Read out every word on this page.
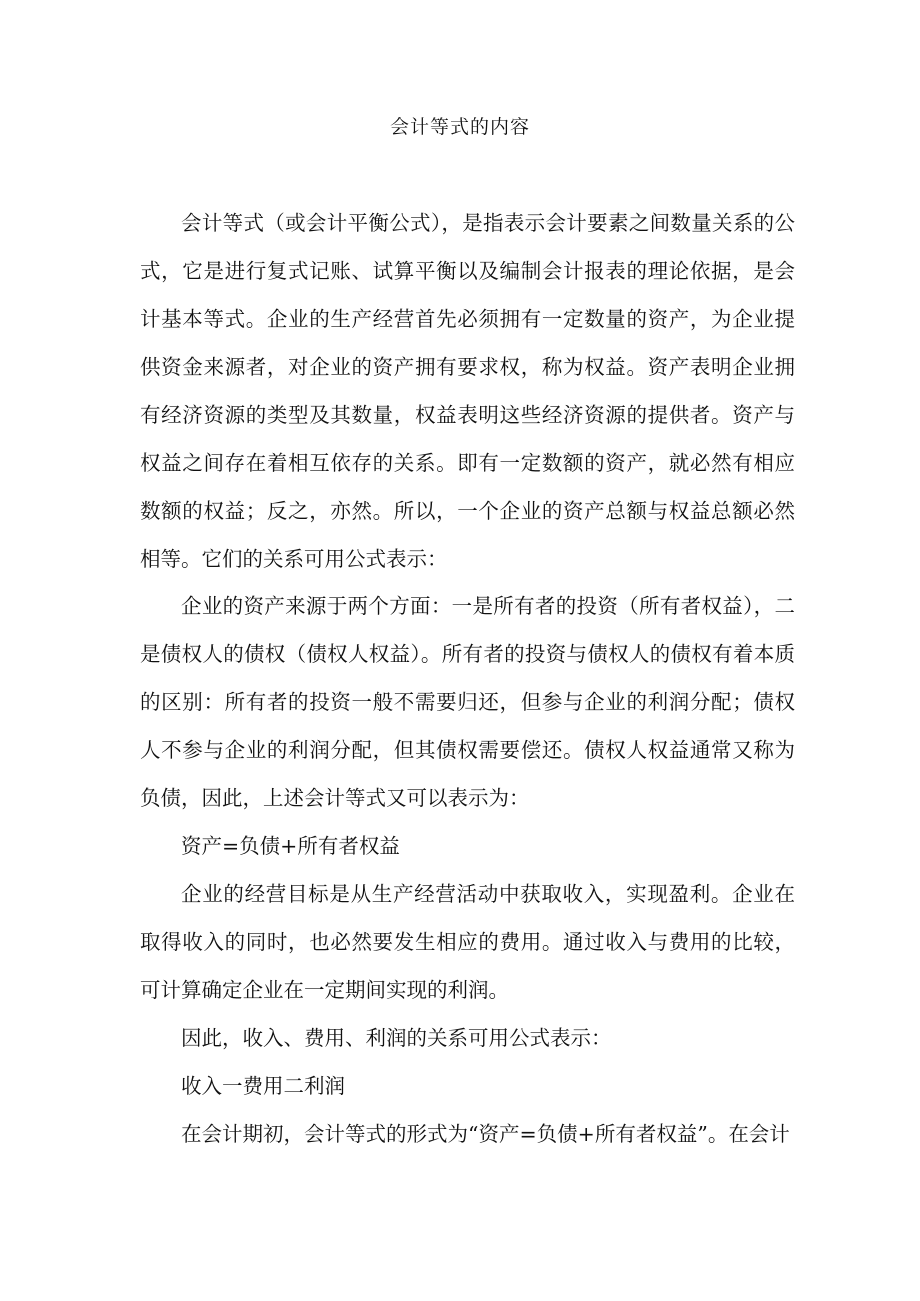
会计等式的内容

会计等式（或会计平衡公式），是指表示会计要素之间数量关系的公式，它是进行复式记账、试算平衡以及编制会计报表的理论依据，是会计基本等式。企业的生产经营首先必须拥有一定数量的资产，为企业提供资金来源者，对企业的资产拥有要求权，称为权益。资产表明企业拥有经济资源的类型及其数量，权益表明这些经济资源的提供者。资产与权益之间存在着相互依存的关系。即有一定数额的资产，就必然有相应数额的权益；反之，亦然。所以，一个企业的资产总额与权益总额必然相等。它们的关系可用公式表示：

企业的资产来源于两个方面：一是所有者的投资（所有者权益），二是债权人的债权（债权人权益）。所有者的投资与债权人的债权有着本质的区别：所有者的投资一般不需要归还，但参与企业的利润分配；债权人不参与企业的利润分配，但其债权需要偿还。债权人权益通常又称为负债，因此，上述会计等式又可以表示为：

资产=负债+所有者权益

企业的经营目标是从生产经营活动中获取收入，实现盈利。企业在取得收入的同时，也必然要发生相应的费用。通过收入与费用的比较，可计算确定企业在一定期间实现的利润。

因此，收入、费用、利润的关系可用公式表示：

收入一费用二利润

在会计期初，会计等式的形式为“资产=负债+所有者权益”。在会计
